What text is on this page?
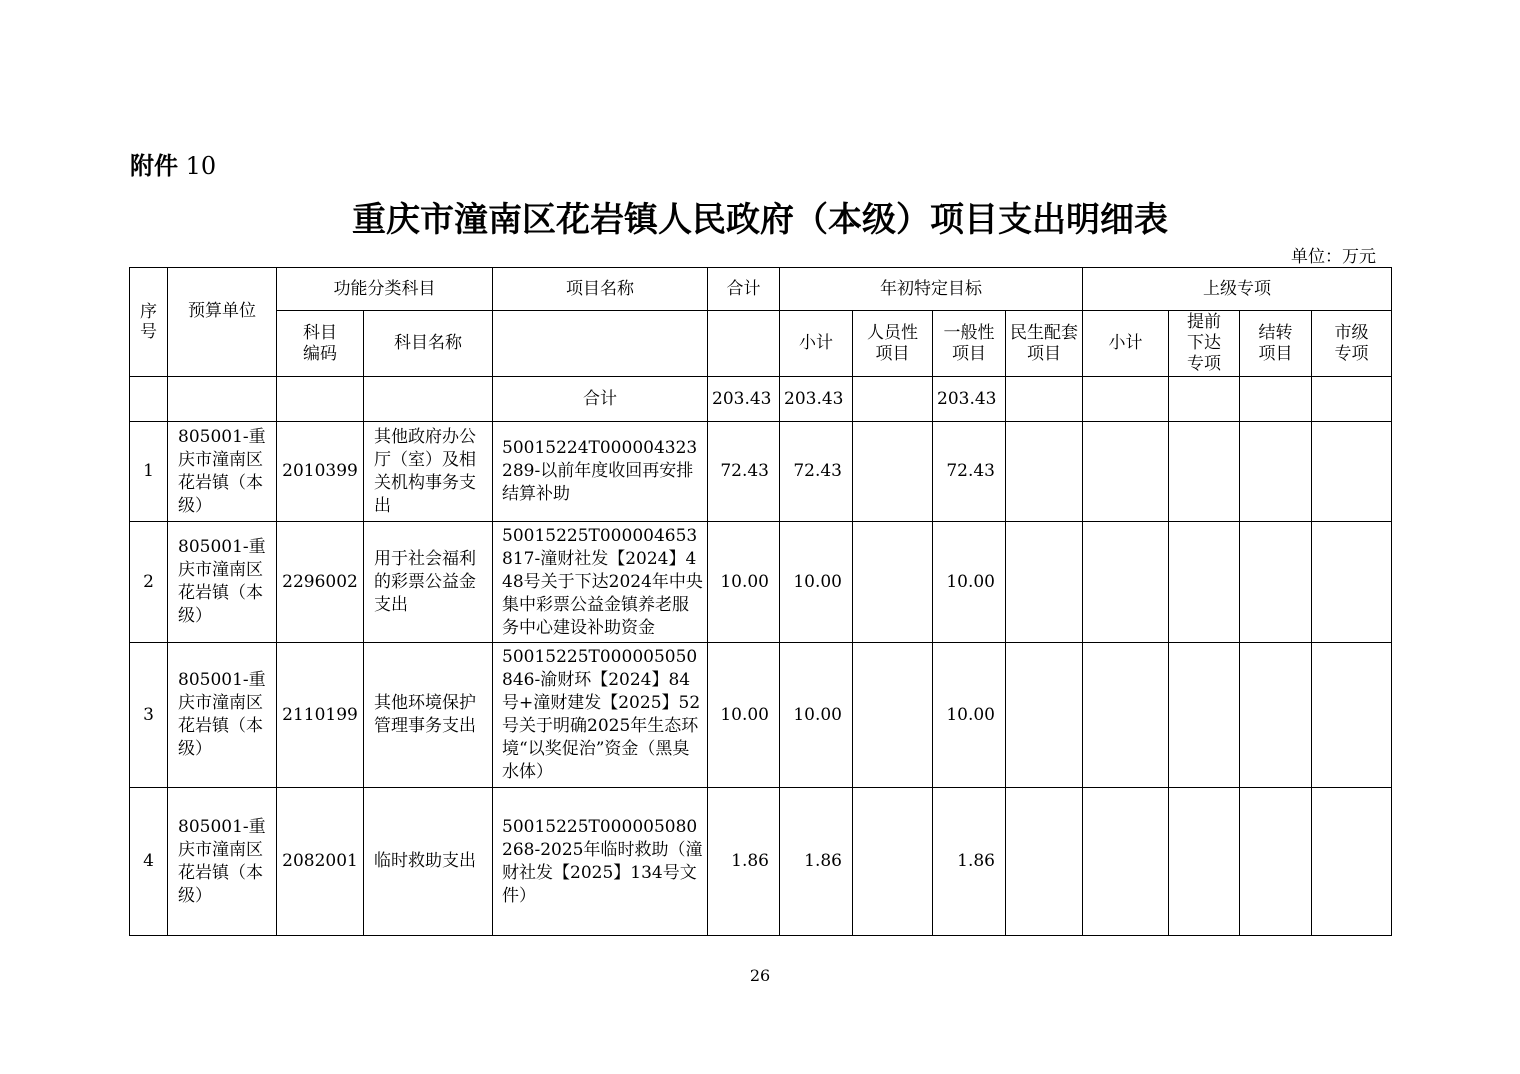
附件 10
重庆市潼南区花岩镇人民政府（本级）项目支出明细表
单位：万元
序号	预算单位	功能分类科目		项目名称	合计	年初特定目标				上级专项			

		科目编码	科目名称			小计	人员性项目	一般性项目	民生配套项目	小计	提前下达专项	结转项目	市级专项

				合计	203.43	203.43		203.43					
1	805001-重庆市潼南区花岩镇（本级）	2010399	其他政府办公厅（室）及相关机构事务支出	50015224T000004323289-以前年度收回再安排结算补助	72.43	72.43		72.43					
2	805001-重庆市潼南区花岩镇（本级）	2296002	用于社会福利的彩票公益金支出	50015225T000004653817-潼财社发【2024】448号关于下达2024年中央集中彩票公益金镇养老服务中心建设补助资金	10.00	10.00		10.00					
3	805001-重庆市潼南区花岩镇（本级）	2110199	其他环境保护管理事务支出	50015225T000005050846-渝财环【2024】84号+潼财建发【2025】52号关于明确2025年生态环境“以奖促治”资金（黑臭水体）	10.00	10.00		10.00					
4	805001-重庆市潼南区花岩镇（本级）	2082001	临时救助支出	50015225T000005080268-2025年临时救助（潼财社发【2025】134号文件）	1.86	1.86		1.86					
26
